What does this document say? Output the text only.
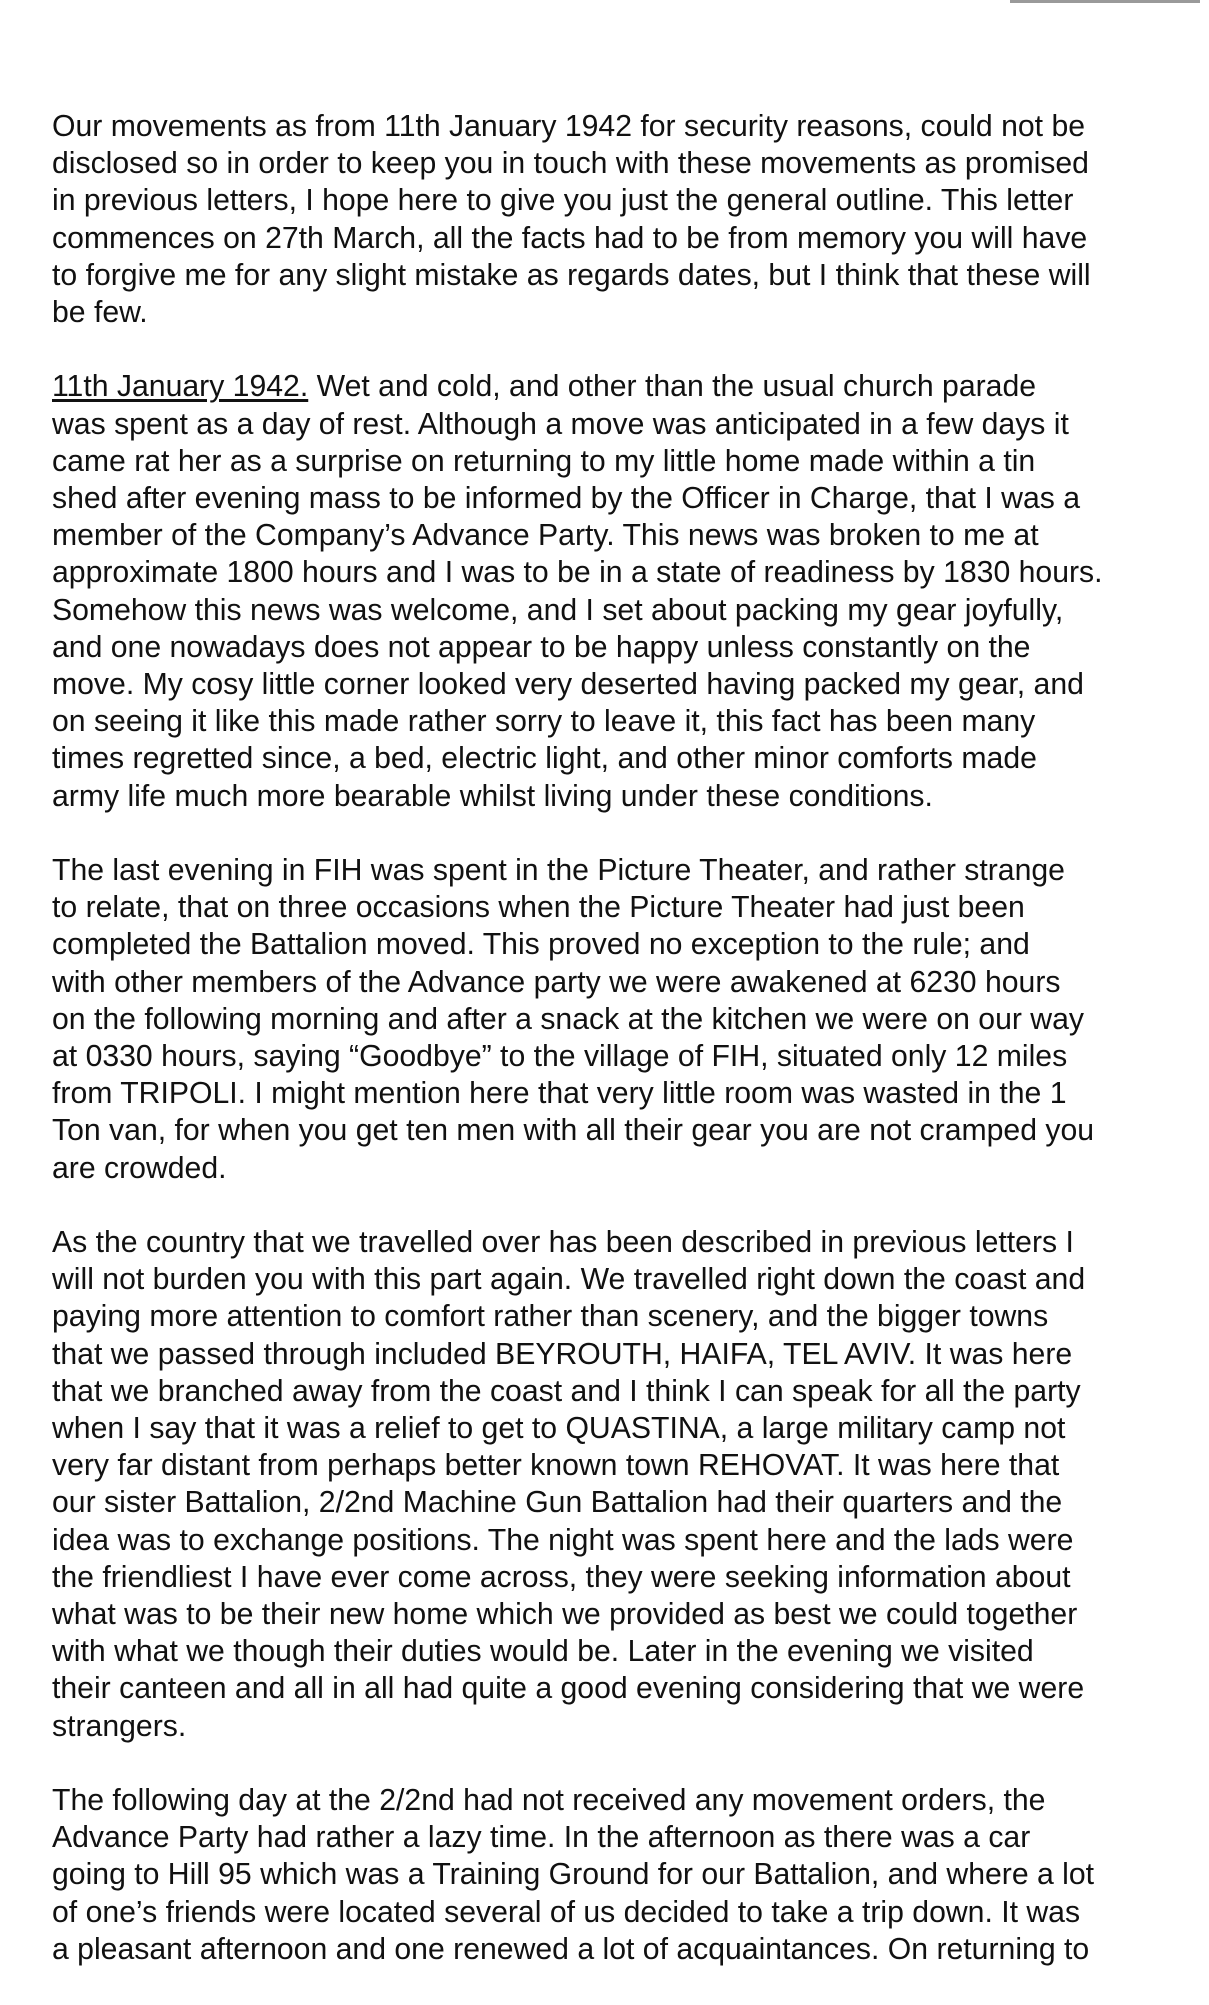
Our movements as from 11th January 1942 for security reasons, could not be
disclosed so in order to keep you in touch with these movements as promised
in previous letters, I hope here to give you just the general outline. This letter
commences on 27th March, all the facts had to be from memory you will have
to forgive me for any slight mistake as regards dates, but I think that these will
be few.

11th January 1942. Wet and cold, and other than the usual church parade
was spent as a day of rest. Although a move was anticipated in a few days it
came rat her as a surprise on returning to my little home made within a tin
shed after evening mass to be informed by the Officer in Charge, that I was a
member of the Company’s Advance Party. This news was broken to me at
approximate 1800 hours and I was to be in a state of readiness by 1830 hours.
Somehow this news was welcome, and I set about packing my gear joyfully,
and one nowadays does not appear to be happy unless constantly on the
move. My cosy little corner looked very deserted having packed my gear, and
on seeing it like this made rather sorry to leave it, this fact has been many
times regretted since, a bed, electric light, and other minor comforts made
army life much more bearable whilst living under these conditions.

The last evening in FIH was spent in the Picture Theater, and rather strange
to relate, that on three occasions when the Picture Theater had just been
completed the Battalion moved. This proved no exception to the rule; and
with other members of the Advance party we were awakened at 6230 hours
on the following morning and after a snack at the kitchen we were on our way
at 0330 hours, saying “Goodbye” to the village of FIH, situated only 12 miles
from TRIPOLI. I might mention here that very little room was wasted in the 1
Ton van, for when you get ten men with all their gear you are not cramped you
are crowded.

As the country that we travelled over has been described in previous letters I
will not burden you with this part again. We travelled right down the coast and
paying more attention to comfort rather than scenery, and the bigger towns
that we passed through included BEYROUTH, HAIFA, TEL AVIV. It was here
that we branched away from the coast and I think I can speak for all the party
when I say that it was a relief to get to QUASTINA, a large military camp not
very far distant from perhaps better known town REHOVAT. It was here that
our sister Battalion, 2/2nd Machine Gun Battalion had their quarters and the
idea was to exchange positions. The night was spent here and the lads were
the friendliest I have ever come across, they were seeking information about
what was to be their new home which we provided as best we could together
with what we though their duties would be. Later in the evening we visited
their canteen and all in all had quite a good evening considering that we were
strangers.

The following day at the 2/2nd had not received any movement orders, the
Advance Party had rather a lazy time. In the afternoon as there was a car
going to Hill 95 which was a Training Ground for our Battalion, and where a lot
of one’s friends were located several of us decided to take a trip down. It was
a pleasant afternoon and one renewed a lot of acquaintances. On returning to
